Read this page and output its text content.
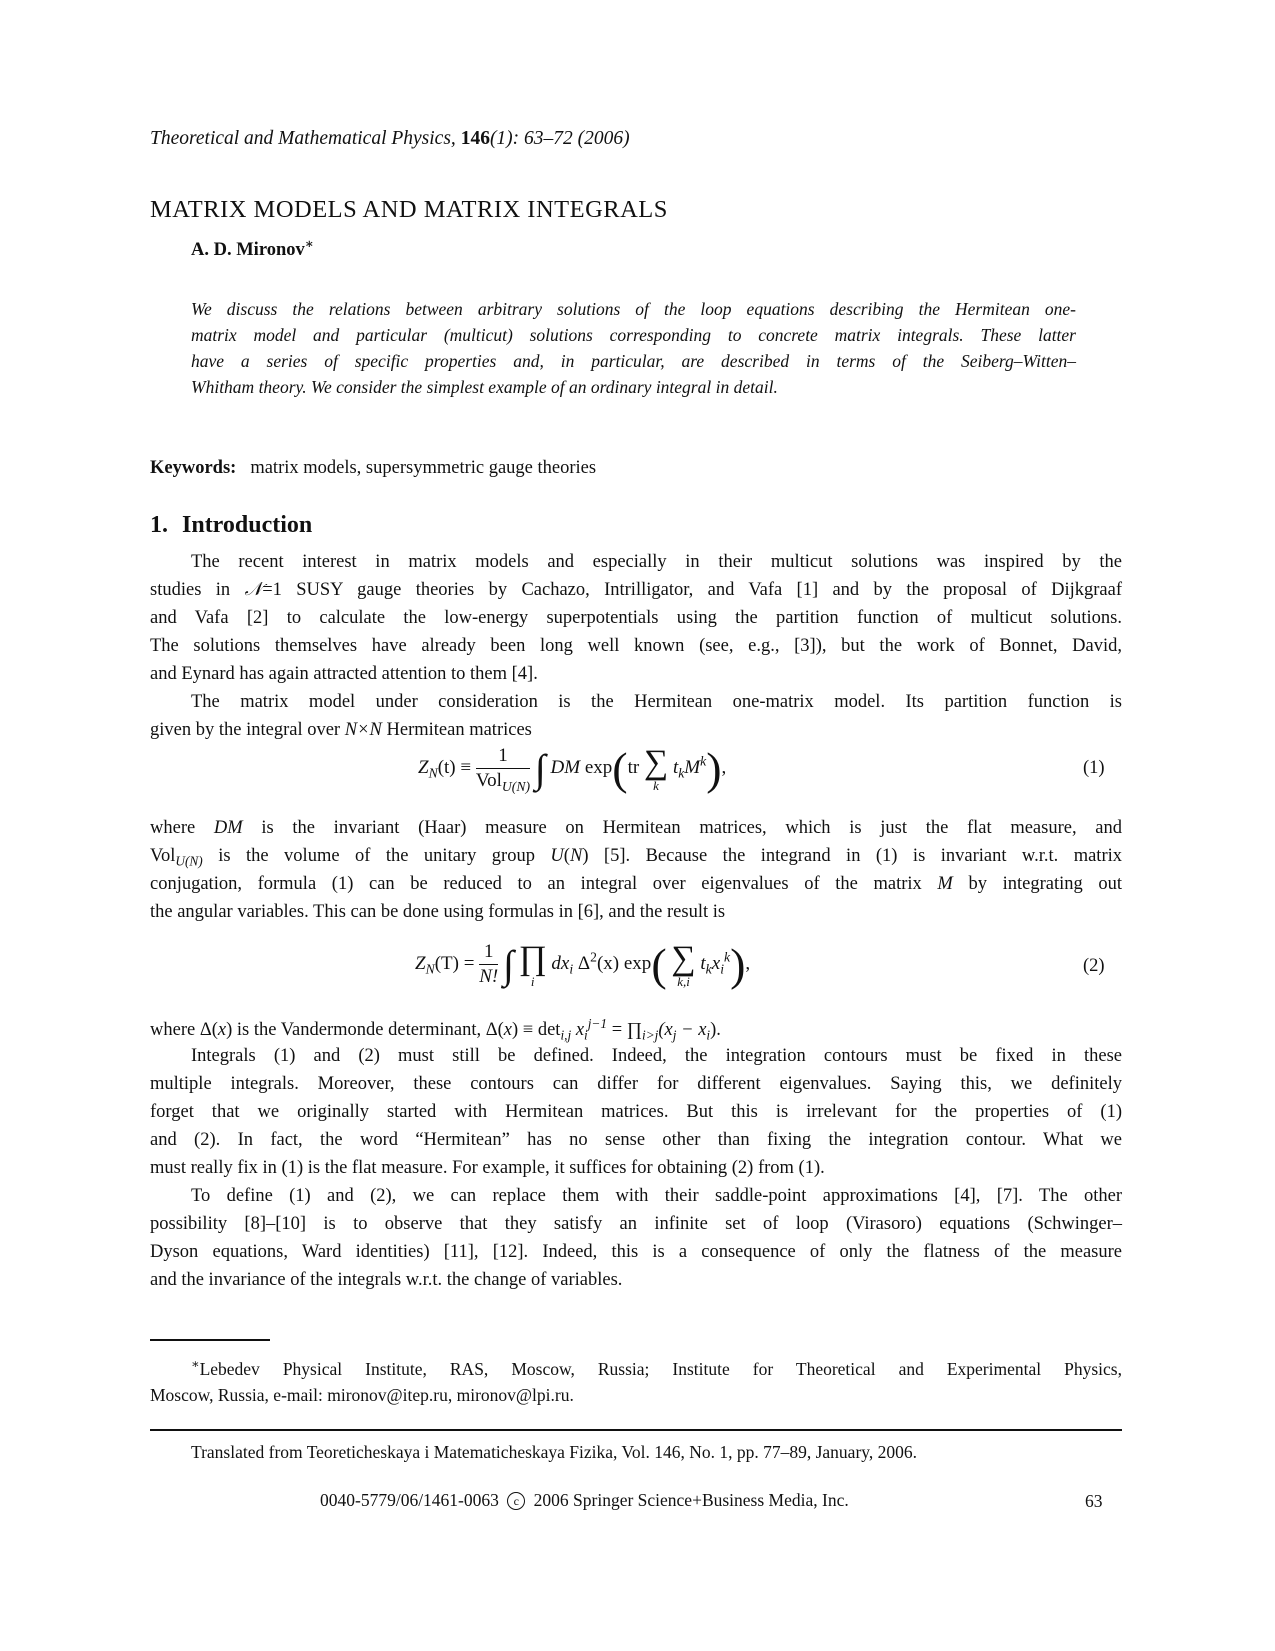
Theoretical and Mathematical Physics, 146(1): 63–72 (2006)
MATRIX MODELS AND MATRIX INTEGRALS
A. D. Mironov∗
We discuss the relations between arbitrary solutions of the loop equations describing the Hermitean one-
matrix model and particular (multicut) solutions corresponding to concrete matrix integrals. These latter
have a series of specific properties and, in particular, are described in terms of the Seiberg–Witten–
Whitham theory. We consider the simplest example of an ordinary integral in detail.
Keywords: matrix models, supersymmetric gauge theories
1. Introduction
The recent interest in matrix models and especially in their multicut solutions was inspired by the
studies in 𝒩=1 SUSY gauge theories by Cachazo, Intrilligator, and Vafa [1] and by the proposal of Dijkgraaf
and Vafa [2] to calculate the low-energy superpotentials using the partition function of multicut solutions.
The solutions themselves have already been long well known (see, e.g., [3]), but the work of Bonnet, David,
and Eynard has again attracted attention to them [4].
The matrix model under consideration is the Hermitean one-matrix model. Its partition function is
given by the integral over N×N Hermitean matrices
$Z_N(t) \equiv \frac{1}{Vol_{U(N)}}$ ∫ DM exp(tr ∑
k
$t_kM^k$),	(1)
where DM is the invariant (Haar) measure on Hermitean matrices, which is just the flat measure, and
Vol$_{U(N)}$ is the volume of the unitary group U(N) [5]. Because the integrand in (1) is invariant w.r.t. matrix
conjugation, formula (1) can be reduced to an integral over eigenvalues of the matrix M by integrating out
the angular variables. This can be done using formulas in [6], and the result is
$Z_N(T) = \frac{1}{N!}$ ∫ ∏
i
$dx_i$ $\Delta^2(x)$ exp( ∑
k,i
$t_kx_i^k$),	(2)
where Δ(x) is the Vandermonde determinant, $\Delta(x) \equiv \det_{i,j} x_i^{j-1}$ = $\prod_{i>j}(x_j - x_i)$.
Integrals (1) and (2) must still be defined. Indeed, the integration contours must be fixed in these
multiple integrals. Moreover, these contours can differ for different eigenvalues. Saying this, we definitely
forget that we originally started with Hermitean matrices. But this is irrelevant for the properties of (1)
and (2). In fact, the word “Hermitean” has no sense other than fixing the integration contour. What we
must really fix in (1) is the flat measure. For example, it suffices for obtaining (2) from (1).
To define (1) and (2), we can replace them with their saddle-point approximations [4], [7]. The other
possibility [8]–[10] is to observe that they satisfy an infinite set of loop (Virasoro) equations (Schwinger–
Dyson equations, Ward identities) [11], [12]. Indeed, this is a consequence of only the flatness of the measure
and the invariance of the integrals w.r.t. the change of variables.
∗Lebedev Physical Institute, RAS, Moscow, Russia; Institute for Theoretical and Experimental Physics,
Moscow, Russia, e-mail: mironov@itep.ru, mironov@lpi.ru.
Translated from Teoreticheskaya i Matematicheskaya Fizika, Vol. 146, No. 1, pp. 77–89, January, 2006.
0040-5779/06/1461-0063 c 2006 Springer Science+Business Media, Inc.	63
